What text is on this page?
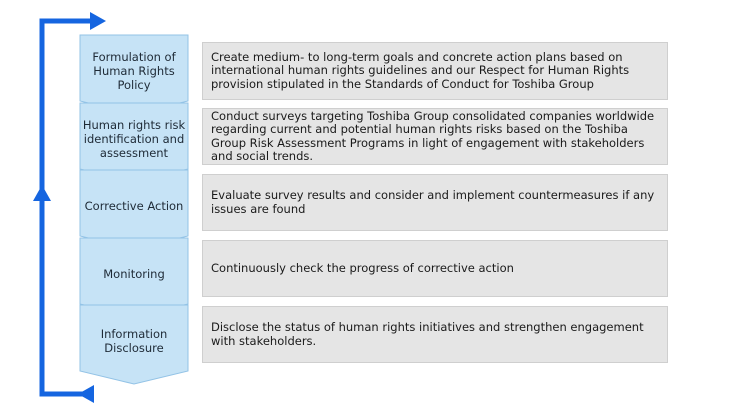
Formulation of Human Rights Policy
Human rights risk identification and assessment
Corrective Action
Monitoring
Information Disclosure
Create medium- to long-term goals and concrete action plans based on international human rights guidelines and our Respect for Human Rights provision stipulated in the Standards of Conduct for Toshiba Group
Conduct surveys targeting Toshiba Group consolidated companies worldwide regarding current and potential human rights risks based on the Toshiba Group Risk Assessment Programs in light of engagement with stakeholders and social trends.
Evaluate survey results and consider and implement countermeasures if any issues are found
Continuously check the progress of corrective action
Disclose the status of human rights initiatives and strengthen engagement with stakeholders.
